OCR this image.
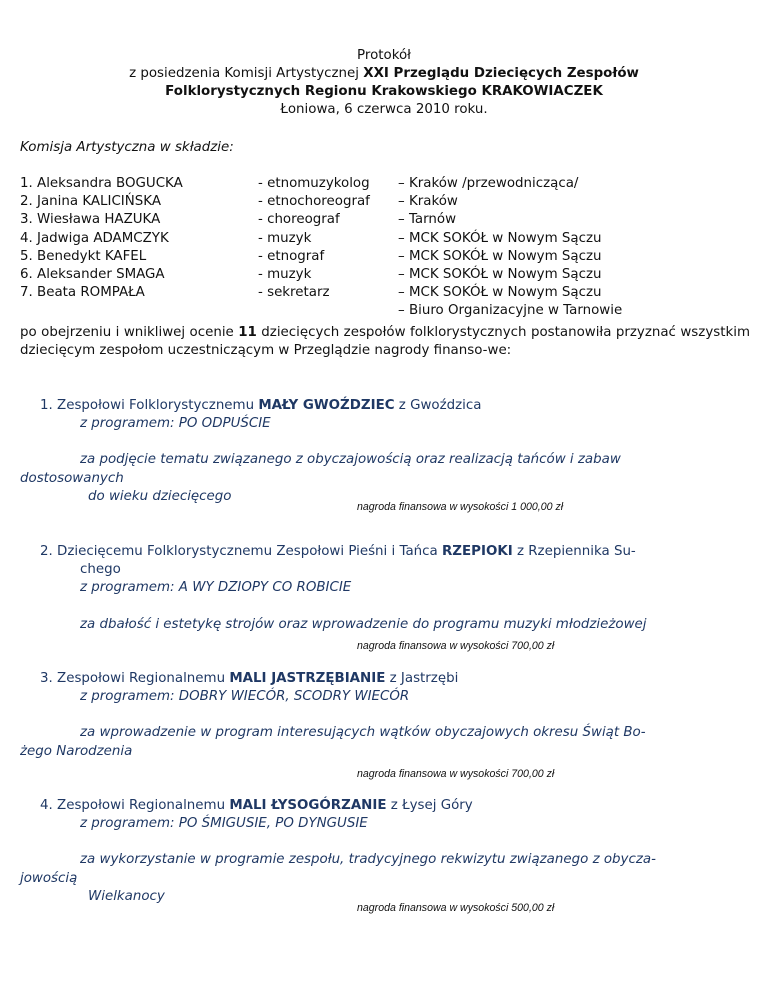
Protokół
z posiedzenia Komisji Artystycznej XXI Przeglądu Dziecięcych Zespołów
Folklorystycznych Regionu Krakowskiego KRAKOWIACZEK
Łoniowa, 6 czerwca 2010 roku.
Komisja Artystyczna w składzie:
1. Aleksandra BOGUCKA	- etnomuzykolog – Kraków /przewodnicząca/
2. Janina KALICIŃSKA	- etnochoreograf – Kraków
3. Wiesława HAZUKA	- choreograf	– Tarnów
4. Jadwiga ADAMCZYK	- muzyk	– MCK SOKÓŁ w Nowym Sączu
5. Benedykt KAFEL	- etnograf	– MCK SOKÓŁ w Nowym Sączu
6. Aleksander SMAGA	- muzyk	– MCK SOKÓŁ w Nowym Sączu
7. Beata ROMPAŁA	- sekretarz	– MCK SOKÓŁ w Nowym Sączu
– Biuro Organizacyjne w Tarnowie
po obejrzeniu i wnikliwej ocenie 11 dziecięcych zespołów folklorystycznych postanowiła przyznać wszystkim dziecięcym zespołom uczestniczącym w Przeglądzie nagrody finanso-we:
1. Zespołowi Folklorystycznemu MAŁY GWOŹDZIEC z Gwoździca
z programem: PO ODPUŚCIE
za podjęcie tematu związanego z obyczajowością oraz realizacją tańców i zabaw
dostosowanych
do wieku dziecięcego
nagroda finansowa w wysokości 1 000,00 zł
2. Dziecięcemu Folklorystycznemu Zespołowi Pieśni i Tańca RZEPIOKI z Rzepiennika Su-
chego
z programem: A WY DZIOPY CO ROBICIE
za dbałość i estetykę strojów oraz wprowadzenie do programu muzyki młodzieżowej
nagroda finansowa w wysokości 700,00 zł
3. Zespołowi Regionalnemu MALI JASTRZĘBIANIE z Jastrzębi
z programem: DOBRY WIECÓR, SCODRY WIECÓR
za wprowadzenie w program interesujących wątków obyczajowych okresu Świąt Bo-
żego Narodzenia
nagroda finansowa w wysokości 700,00 zł
4. Zespołowi Regionalnemu MALI ŁYSOGÓRZANIE z Łysej Góry
z programem: PO ŚMIGUSIE, PO DYNGUSIE
za wykorzystanie w programie zespołu, tradycyjnego rekwizytu związanego z obycza-
jowością
Wielkanocy
nagroda finansowa w wysokości 500,00 zł
